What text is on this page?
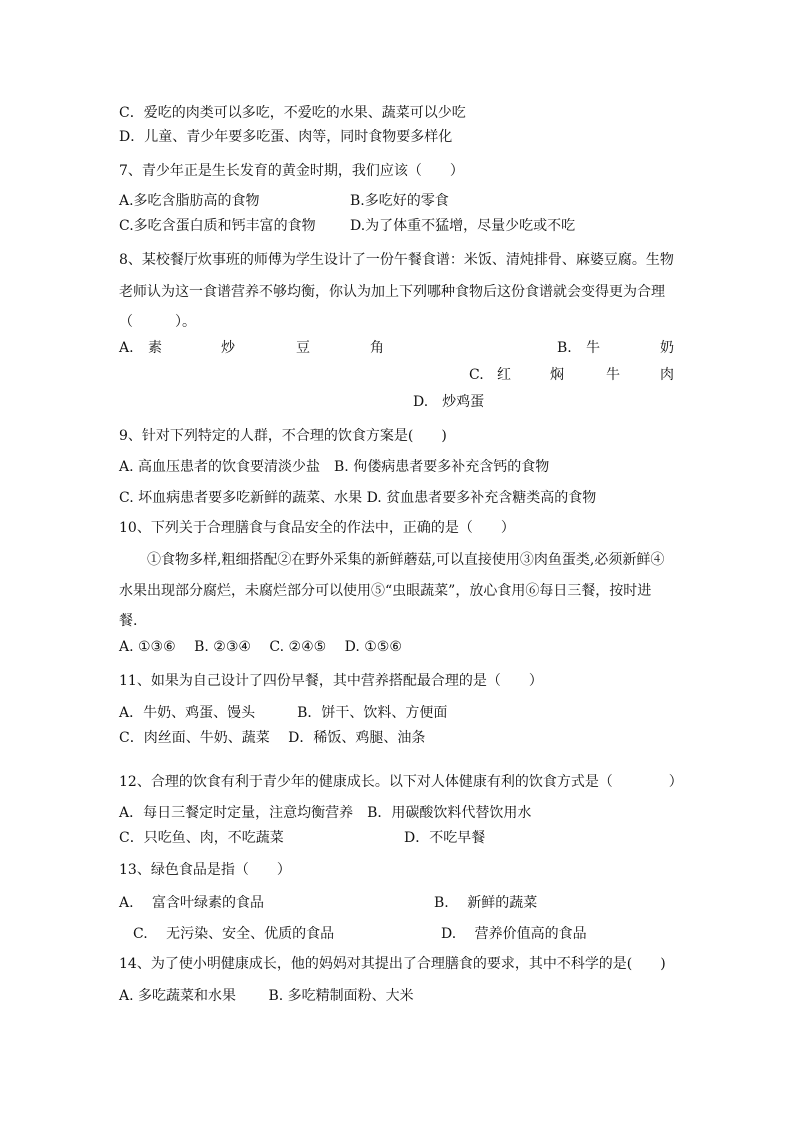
C．爱吃的肉类可以多吃，不爱吃的水果、蔬菜可以少吃
D．儿童、青少年要多吃蛋、肉等，同时食物要多样化
7、青少年正是生长发育的黄金时期，我们应该（　　）
A.多吃含脂肪高的食物	B.多吃好的零食
C.多吃含蛋白质和钙丰富的食物 D.为了体重不猛增，尽量少吃或不吃
8、某校餐厅炊事班的师傅为学生设计了一份午餐食谱：米饭、清炖排骨、麻婆豆腐。生物
老师认为这一食谱营养不够均衡，你认为加上下列哪种食物后这份食谱就会变得更为合理
（　　　）。
A. 素	炒	豆	角	B. 牛	奶
C. 红	焖	牛	肉
D.　炒鸡蛋
9、针对下列特定的人群，不合理的饮食方案是(　　)
A. 高血压患者的饮食要清淡少盐　B. 佝偻病患者要多补充含钙的食物
C. 坏血病患者要多吃新鲜的蔬菜、水果 D. 贫血患者要多补充含糖类高的食物
10、下列关于合理膳食与食品安全的作法中，正确的是（　　）
①食物多样,粗细搭配②在野外采集的新鲜蘑菇,可以直接使用③肉鱼蛋类,必须新鲜④
水果出现部分腐烂，未腐烂部分可以使用⑤“虫眼蔬菜”，放心食用⑥每日三餐，按时进
餐.
A. ①③⑥　 B. ②③④　 C. ②④⑤　 D. ①⑤⑥
11、如果为自己设计了四份早餐，其中营养搭配最合理的是（　　）
A．牛奶、鸡蛋、馒头　　　B．饼干、饮料、方便面
C．肉丝面、牛奶、蔬菜　 D．稀饭、鸡腿、油条
12、合理的饮食有利于青少年的健康成长。以下对人体健康有利的饮食方式是（　　　　）
A．每日三餐定时定量，注意均衡营养　B．用碳酸饮料代替饮用水
C．只吃鱼、肉，不吃蔬菜	D．不吃早餐
13、绿色食品是指（　　）
A.　 富含叶绿素的食品	B.　 新鲜的蔬菜
C.　 无污染、安全、优质的食品	D.　 营养价值高的食品
14、为了使小明健康成长，他的妈妈对其提出了合理膳食的要求，其中不科学的是(　　)
A. 多吃蔬菜和水果　　 B. 多吃精制面粉、大米
